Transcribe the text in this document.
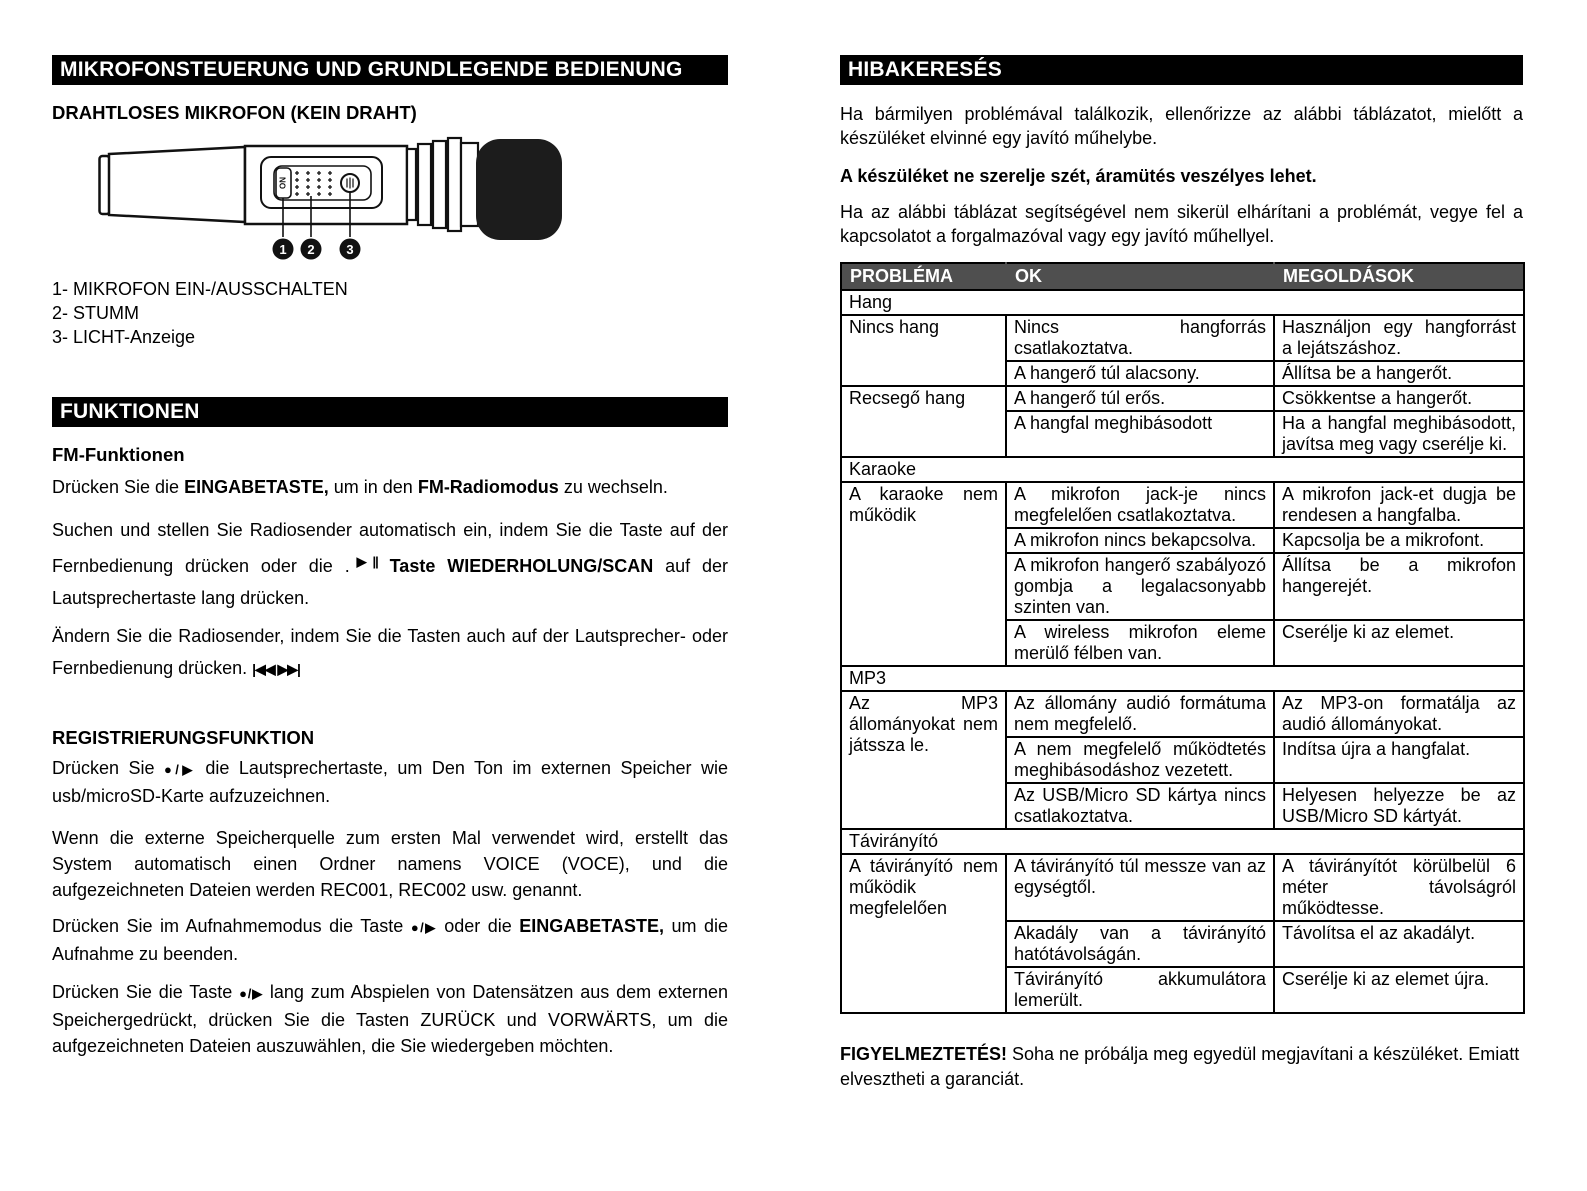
MIKROFONSTEUERUNG UND GRUNDLEGENDE BEDIENUNG
DRAHTLOSES MIKROFON (KEIN DRAHT)
ON
1 2 3
1- MIKROFON EIN-/AUSSCHALTEN
2- STUMM
3- LICHT-Anzeige
FUNKTIONEN
FM-Funktionen

Drücken Sie die EINGABETASTE, um in den FM-Radiomodus zu wechseln.

Suchen und stellen Sie Radiosender automatisch ein, indem Sie die Taste auf der Fernbedienung drücken oder die .▶|| Taste WIEDERHOLUNG/SCAN auf der Lautsprechertaste lang drücken.

Ändern Sie die Radiosender, indem Sie die Tasten auch auf der Lautsprecher- oder Fernbedienung drücken. |◀◀ ▶▶|

REGISTRIERUNGSFUNKTION

Drücken Sie ●/▶ die Lautsprechertaste, um Den Ton im externen Speicher wie usb/microSD-Karte aufzuzeichnen.

Wenn die externe Speicherquelle zum ersten Mal verwendet wird, erstellt das System automatisch einen Ordner namens VOICE (VOCE), und die aufgezeichneten Dateien werden REC001, REC002 usw. genannt.

Drücken Sie im Aufnahmemodus die Taste ●/▶ oder die EINGABETASTE, um die Aufnahme zu beenden.

Drücken Sie die Taste ●/▶ lang zum Abspielen von Datensätzen aus dem externen Speichergedrückt, drücken Sie die Tasten ZURÜCK und VORWÄRTS, um die aufgezeichneten Dateien auszuwählen, die Sie wiedergeben möchten.

HIBAKERESÉS

Ha bármilyen problémával találkozik, ellenőrizze az alábbi táblázatot, mielőtt a készüléket elvinné egy javító műhelybe.

A készüléket ne szerelje szét, áramütés veszélyes lehet.

Ha az alábbi táblázat segítségével nem sikerül elhárítani a problémát, vegye fel a kapcsolatot a forgalmazóval vagy egy javító műhellyel.

PROBLÉMA	OK	MEGOLDÁSOK
Hang		
Nincs hang	Nincs hangforrás csatlakoztatva.	Használjon egy hangforrást a lejátszáshoz.
	A hangerő túl alacsony.	Állítsa be a hangerőt.
Recsegő hang	A hangerő túl erős.	Csökkentse a hangerőt.
	A hangfal meghibásodott	Ha a hangfal meghibásodott, javítsa meg vagy cserélje ki.
Karaoke		
A karaoke nem működik	A mikrofon jack-je nincs megfelelően csatlakoztatva.	A mikrofon jack-et dugja be rendesen a hangfalba.
	A mikrofon nincs bekapcsolva.	Kapcsolja be a mikrofont.
	A mikrofon hangerő szabályozó gombja a legalacsonyabb szinten van.	Állítsa be a mikrofon hangerejét.
	A wireless mikrofon eleme merülő félben van.	Cserélje ki az elemet.
MP3		
Az MP3 állományokat nem játssza le.	Az állomány audió formátuma nem megfelelő.	Az MP3-on formatálja az audió állományokat.
	A nem megfelelő működtetés meghibásodáshoz vezetett.	Indítsa újra a hangfalat.
	Az USB/Micro SD kártya nincs csatlakoztatva.	Helyesen helyezze be az USB/Micro SD kártyát.
Távirányító		
A távirányító nem működik megfelelően	A távirányító túl messze van az egységtől.	A távirányítót körülbelül 6 méter távolságról működtesse.
	Akadály van a távirányító hatótávolságán.	Távolítsa el az akadályt.
	Távirányító akkumulátora lemerült.	Cserélje ki az elemet újra.

FIGYELMEZTETÉS! Soha ne próbálja meg egyedül megjavítani a készüléket. Emiatt elvesztheti a garanciát.
